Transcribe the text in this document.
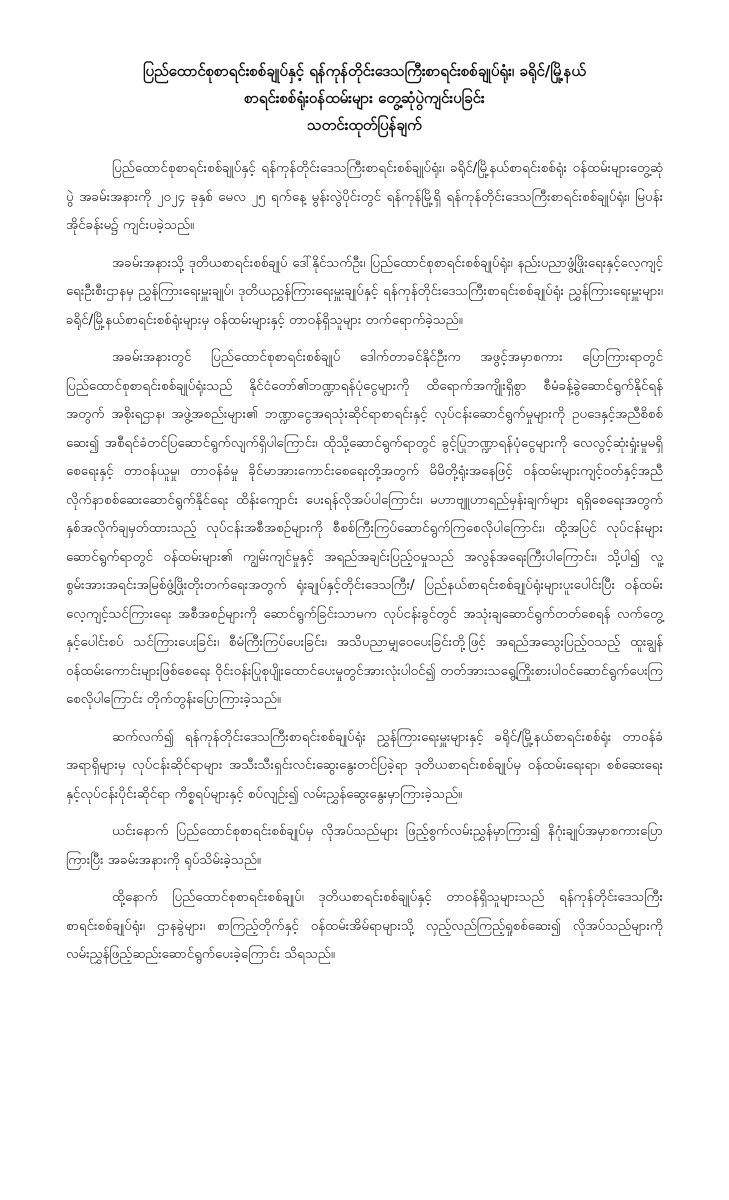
ပြည်ထောင်စုစာရင်းစစ်ချုပ်နှင့် ရန်ကုန်တိုင်းဒေသကြီးစာရင်းစစ်ချုပ်ရုံး၊ ခရိုင်/မြို့နယ်
စာရင်းစစ်ရုံးဝန်ထမ်းများ တွေ့ဆုံပွဲကျင်းပခြင်း
သတင်းထုတ်ပြန်ချက်

ပြည်ထောင်စုစာရင်းစစ်ချုပ်နှင့် ရန်ကုန်တိုင်းဒေသကြီးစာရင်းစစ်ချုပ်ရုံး၊ ခရိုင်/မြို့နယ်စာရင်းစစ်ရုံး ဝန်ထမ်းများတွေ့ဆုံပွဲ အခမ်းအနားကို ၂၀၂၄ ခုနှစ် မေလ ၂၅ ရက်နေ့ မွန်းလွဲပိုင်းတွင် ရန်ကုန်မြို့ရှိ ရန်ကုန်တိုင်းဒေသကြီးစာရင်းစစ်ချုပ်ရုံး၊ မြပန်းအိုင်ခန်းမ၌ ကျင်းပခဲ့သည်။

အခမ်းအနားသို့ ဒုတိယစာရင်းစစ်ချုပ် ဒေါ်နိုင်သက်ဦး၊ ပြည်ထောင်စုစာရင်းစစ်ချုပ်ရုံး၊ နည်းပညာဖွံ့ဖြိုးရေးနှင့်လေ့ကျင့်ရေးဦးစီးဌာနမှ ညွှန်ကြားရေးမှူးချုပ်၊ ဒုတိယညွှန်ကြားရေးမှူးချုပ်နှင့် ရန်ကုန်တိုင်းဒေသကြီးစာရင်းစစ်ချုပ်ရုံး ညွှန်ကြားရေးမှူးများ၊ ခရိုင်/မြို့နယ်စာရင်းစစ်ရုံးများမှ ဝန်ထမ်းများနှင့် တာဝန်ရှိသူများ တက်ရောက်ခဲ့သည်။

အခမ်းအနားတွင် ပြည်ထောင်စုစာရင်းစစ်ချုပ် ဒေါက်တာခင်နိုင်ဦးက အဖွင့်အမှာစကား ပြောကြားရာတွင် ပြည်ထောင်စုစာရင်းစစ်ချုပ်ရုံးသည် နိုင်ငံတော်၏ဘဏ္ဍာရန်ပုံငွေများကို ထိရောက်အကျိုးရှိစွာ စီမံခန့်ခွဲဆောင်ရွက်နိုင်ရန်အတွက် အစိုးရဌာန၊ အဖွဲ့အစည်းများ၏ ဘဏ္ဍာငွေအရသုံးဆိုင်ရာစာရင်းနှင့် လုပ်ငန်းဆောင်ရွက်မှုများကို ဥပဒေနှင့်အညီစိစစ်ဆေး၍ အစီရင်ခံတင်ပြဆောင်ရွက်လျက်ရှိပါကြောင်း၊ ထိုသို့ဆောင်ရွက်ရာတွင် ခွင့်ပြုဘဏ္ဍာရန်ပုံငွေများကို လေလွင့်ဆုံးရှုံးမှုမရှိစေရေးနှင့် တာဝန်ယူမှု၊ တာဝန်ခံမှု ခိုင်မာအားကောင်းစေရေးတို့အတွက် မိမိတို့ရုံးအနေဖြင့် ဝန်ထမ်းများကျင့်ဝတ်နှင့်အညီ လိုက်နာစစ်ဆေးဆောင်ရွက်နိုင်ရေး ထိန်းကျောင်း ပေးရန်လိုအပ်ပါကြောင်း၊ မဟာဗျူဟာရည်မှန်းချက်များ ရရှိစေရေးအတွက် နှစ်အလိုက်ချမှတ်ထားသည့် လုပ်ငန်းအစီအစဉ်များကို စီစစ်ကြီးကြပ်ဆောင်ရွက်ကြစေလိုပါကြောင်း၊ ထို့အပြင် လုပ်ငန်းများ ဆောင်ရွက်ရာတွင် ဝန်ထမ်းများ၏ ကျွမ်းကျင်မှုနှင့် အရည်အချင်းပြည့်ဝမှုသည် အလွန်အရေးကြီးပါကြောင်း၊ သို့ပါ၍ လူ့စွမ်းအားအရင်းအမြစ်ဖွံ့ဖြိုးတိုးတက်ရေးအတွက် ရုံးချုပ်နှင့်တိုင်းဒေသကြီး/ ပြည်နယ်စာရင်းစစ်ချုပ်ရုံးများပူးပေါင်းပြီး ဝန်ထမ်းလေ့ကျင့်သင်ကြားရေး အစီအစဉ်များကို ဆောင်ရွက်ခြင်းသာမက လုပ်ငန်းခွင်တွင် အသုံးချဆောင်ရွက်တတ်စေရန် လက်တွေ့နှင့်ပေါင်းစပ် သင်ကြားပေးခြင်း၊ စီမံကြီးကြပ်ပေးခြင်း၊ အသိပညာမျှဝေပေးခြင်းတို့ဖြင့် အရည်အသွေးပြည့်ဝသည့် ထူးချွန်ဝန်ထမ်းကောင်းများဖြစ်စေရေး ဝိုင်းဝန်းပြုစုပျိုးထောင်ပေးမှုတွင်အားလုံးပါဝင်၍ တတ်အားသရွေ့ကြိုးစားပါဝင်ဆောင်ရွက်ပေးကြစေလိုပါကြောင်း တိုက်တွန်းပြောကြားခဲ့သည်။

ဆက်လက်၍ ရန်ကုန်တိုင်းဒေသကြီးစာရင်းစစ်ချုပ်ရုံး ညွှန်ကြားရေးမှူးများနှင့် ခရိုင်/မြို့နယ်စာရင်းစစ်ရုံး တာဝန်ခံအရာရှိများမှ လုပ်ငန်းဆိုင်ရာများ အသီးသီးရှင်းလင်းဆွေးနွေးတင်ပြခဲ့ရာ ဒုတိယစာရင်းစစ်ချုပ်မှ ဝန်ထမ်းရေးရာ၊ စစ်ဆေးရေးနှင့်လုပ်ငန်းပိုင်းဆိုင်ရာ ကိစ္စရပ်များနှင့် စပ်လျဉ်း၍ လမ်းညွှန်ဆွေးနွေးမှာကြားခဲ့သည်။

ယင်းနောက် ပြည်ထောင်စုစာရင်းစစ်ချုပ်မှ လိုအပ်သည်များ ဖြည့်စွက်လမ်းညွှန်မှာကြား၍ နိဂုံးချုပ်အမှာစကားပြောကြားပြီး အခမ်းအနားကို ရုပ်သိမ်းခဲ့သည်။

ထို့နောက် ပြည်ထောင်စုစာရင်းစစ်ချုပ်၊ ဒုတိယစာရင်းစစ်ချုပ်နှင့် တာဝန်ရှိသူများသည် ရန်ကုန်တိုင်းဒေသကြီးစာရင်းစစ်ချုပ်ရုံး၊ ဌာနခွဲများ၊ စာကြည့်တိုက်နှင့် ဝန်ထမ်းအိမ်ရာများသို့ လှည့်လည်ကြည့်ရှုစစ်ဆေး၍ လိုအပ်သည်များကို လမ်းညွှန်ဖြည့်ဆည်းဆောင်ရွက်ပေးခဲ့ကြောင်း သိရသည်။
